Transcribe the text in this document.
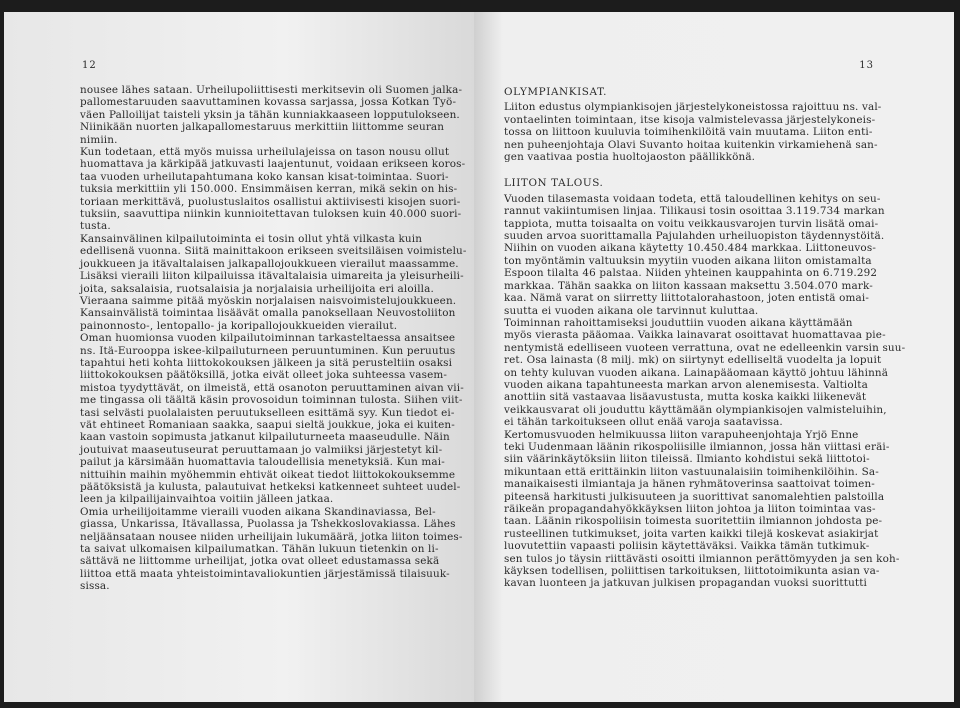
12
nousee lähes sataan. Urheilupoliittisesti merkitsevin oli Suomen jalka-
pallomestaruuden saavuttaminen kovassa sarjassa, jossa Kotkan Työ-
väen Palloilijat taisteli yksin ja tähän kunniakkaaseen lopputulokseen.
Niinikään nuorten jalkapallomestaruus merkittiin liittomme seuran
nimiin.
Kun todetaan, että myös muissa urheilulajeissa on tason nousu ollut
huomattava ja kärkipää jatkuvasti laajentunut, voidaan erikseen koros-
taa vuoden urheilutapahtumana koko kansan kisat-toimintaa. Suori-
tuksia merkittiin yli 150.000. Ensimmäisen kerran, mikä sekin on his-
toriaan merkittävä, puolustuslaitos osallistui aktiivisesti kisojen suori-
tuksiin, saavuttipa niinkin kunnioitettavan tuloksen kuin 40.000 suori-
tusta.
Kansainvälinen kilpailutoiminta ei tosin ollut yhtä vilkasta kuin
edellisenä vuonna. Siitä mainittakoon erikseen sveitsiläisen voimistelu-
joukkueen ja itävaltalaisen jalkapallojoukkueen vierailut maassamme.
Lisäksi vieraili liiton kilpailuissa itävaltalaisia uimareita ja yleisurheili-
joita, saksalaisia, ruotsalaisia ja norjalaisia urheilijoita eri aloilla.
Vieraana saimme pitää myöskin norjalaisen naisvoimistelujoukkueen.
Kansainvälistä toimintaa lisäävät omalla panoksellaan Neuvostoliiton
painonnosto-, lentopallo- ja koripallojoukkueiden vierailut.
Oman huomionsa vuoden kilpailutoiminnan tarkasteltaessa ansaitsee
ns. Itä-Eurooppa iskee-kilpailuturneen peruuntuminen. Kun peruutus
tapahtui heti kohta liittokokouksen jälkeen ja sitä perusteltiin osaksi
liittokokouksen päätöksillä, jotka eivät olleet joka suhteessa vasem-
mistoa tyydyttävät, on ilmeistä, että osanoton peruuttaminen aivan vii-
me tingassa oli täältä käsin provosoidun toiminnan tulosta. Siihen viit-
tasi selvästi puolalaisten peruutukselleen esittämä syy. Kun tiedot ei-
vät ehtineet Romaniaan saakka, saapui sieltä joukkue, joka ei kuiten-
kaan vastoin sopimusta jatkanut kilpailuturneeta maaseudulle. Näin
joutuivat maaseutuseurat peruuttamaan jo valmiiksi järjestetyt kil-
pailut ja kärsimään huomattavia taloudellisia menetyksiä. Kun mai-
nittuihin maihin myöhemmin ehtivät oikeat tiedot liittokokouksemme
päätöksistä ja kulusta, palautuivat hetkeksi katkenneet suhteet uudel-
leen ja kilpailijainvaihtoa voitiin jälleen jatkaa.
Omia urheilijoitamme vieraili vuoden aikana Skandinaviassa, Bel-
giassa, Unkarissa, Itävallassa, Puolassa ja Tshekkoslovakiassa. Lähes
neljäänsataan nousee niiden urheilijain lukumäärä, jotka liiton toimes-
ta saivat ulkomaisen kilpailumatkan. Tähän lukuun tietenkin on li-
sättävä ne liittomme urheilijat, jotka ovat olleet edustamassa sekä
liittoa että maata yhteistoimintavaliokuntien järjestämissä tilaisuuk-
sissa.
13
OLYMPIANKISAT.
Liiton edustus olympiankisojen järjestelykoneistossa rajoittuu ns. val-
vontaelinten toimintaan, itse kisoja valmistelevassa järjestelykoneis-
tossa on liittoon kuuluvia toimihenkilöitä vain muutama. Liiton enti-
nen puheenjohtaja Olavi Suvanto hoitaa kuitenkin virkamiehenä san-
gen vaativaa postia huoltojaoston päällikkönä.
LIITON TALOUS.
Vuoden tilasemasta voidaan todeta, että taloudellinen kehitys on seu-
rannut vakiintumisen linjaa. Tilikausi tosin osoittaa 3.119.734 markan
tappiota, mutta toisaalta on voitu veikkausvarojen turvin lisätä omai-
suuden arvoa suorittamalla Pajulahden urheiluopiston täydennystöitä.
Niihin on vuoden aikana käytetty 10.450.484 markkaa. Liittoneuvos-
ton myöntämin valtuuksin myytiin vuoden aikana liiton omistamalta
Espoon tilalta 46 palstaa. Niiden yhteinen kauppahinta on 6.719.292
markkaa. Tähän saakka on liiton kassaan maksettu 3.504.070 mark-
kaa. Nämä varat on siirretty liittotalorahastoon, joten entistä omai-
suutta ei vuoden aikana ole tarvinnut kuluttaa.
Toiminnan rahoittamiseksi jouduttiin vuoden aikana käyttämään
myös vierasta pääomaa. Vaikka lainavarat osoittavat huomattavaa pie-
nentymistä edelliseen vuoteen verrattuna, ovat ne edelleenkin varsin suu-
ret. Osa lainasta (8 milj. mk) on siirtynyt edelliseltä vuodelta ja lopuit
on tehty kuluvan vuoden aikana. Lainapääomaan käyttö johtuu lähinnä
vuoden aikana tapahtuneesta markan arvon alenemisesta. Valtiolta
anottiin sitä vastaavaa lisäavustusta, mutta koska kaikki liikenevät
veikkausvarat oli jouduttu käyttämään olympiankisojen valmisteluihin,
ei tähän tarkoitukseen ollut enää varoja saatavissa.
Kertomusvuoden helmikuussa liiton varapuheenjohtaja Yrjö Enne
teki Uudenmaan läänin rikospoliisille ilmiannon, jossa hän viittasi eräi-
siin väärinkäytöksiin liiton tileissä. Ilmianto kohdistui sekä liittotoi-
mikuntaan että erittäinkin liiton vastuunalaisiin toimihenkilöihin. Sa-
manaikaisesti ilmiantaja ja hänen ryhmätoverinsa saattoivat toimen-
piteensä harkitusti julkisuuteen ja suorittivat sanomalehtien palstoilla
räikeän propagandahyökkäyksen liiton johtoa ja liiton toimintaa vas-
taan. Läänin rikospoliisin toimesta suoritettiin ilmiannon johdosta pe-
rusteellinen tutkimukset, joita varten kaikki tilejä koskevat asiakirjat
luovutettiin vapaasti poliisin käytettäväksi. Vaikka tämän tutkimuk-
sen tulos jo täysin riittävästi osoitti ilmiannon perättömyyden ja sen koh-
käyksen todellisen, poliittisen tarkoituksen, liittotoimikunta asian va-
kavan luonteen ja jatkuvan julkisen propagandan vuoksi suorittutti
